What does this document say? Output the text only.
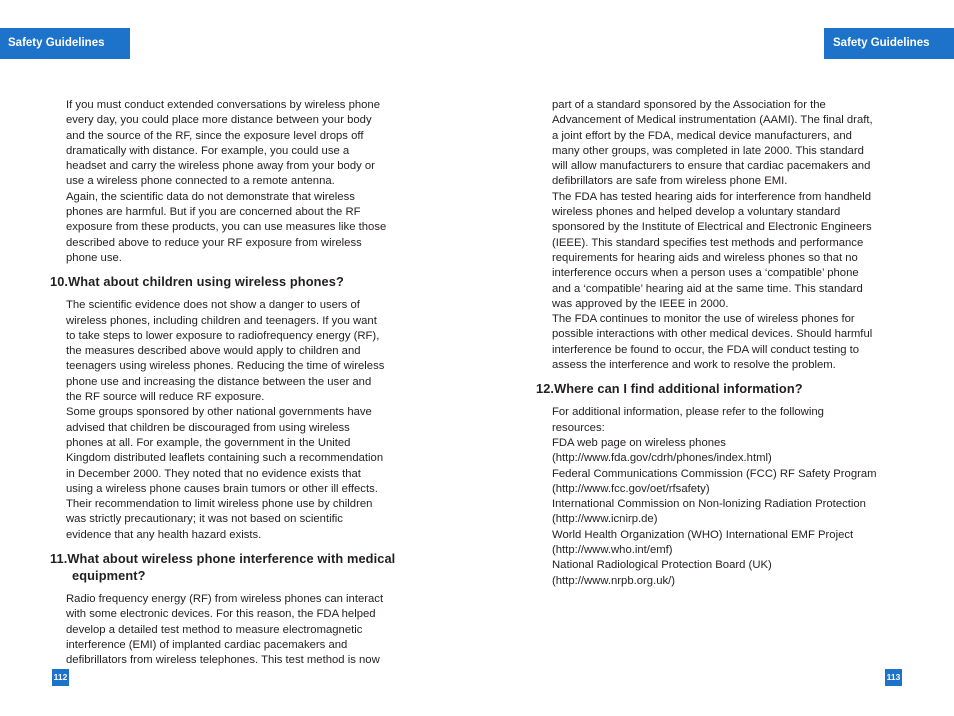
Safety Guidelines

If you must conduct extended conversations by wireless phone
every day, you could place more distance between your body
and the source of the RF, since the exposure level drops off
dramatically with distance. For example, you could use a
headset and carry the wireless phone away from your body or
use a wireless phone connected to a remote antenna.

Again, the scientific data do not demonstrate that wireless
phones are harmful. But if you are concerned about the RF
exposure from these products, you can use measures like those
described above to reduce your RF exposure from wireless
phone use.

10.What about children using wireless phones?

The scientific evidence does not show a danger to users of
wireless phones, including children and teenagers. If you want
to take steps to lower exposure to radiofrequency energy (RF),
the measures described above would apply to children and
teenagers using wireless phones. Reducing the time of wireless
phone use and increasing the distance between the user and
the RF source will reduce RF exposure.

Some groups sponsored by other national governments have
advised that children be discouraged from using wireless
phones at all. For example, the government in the United
Kingdom distributed leaflets containing such a recommendation
in December 2000. They noted that no evidence exists that
using a wireless phone causes brain tumors or other ill effects.
Their recommendation to limit wireless phone use by children
was strictly precautionary; it was not based on scientific
evidence that any health hazard exists.

11.What about wireless phone interference with medical equipment?

Radio frequency energy (RF) from wireless phones can interact
with some electronic devices. For this reason, the FDA helped
develop a detailed test method to measure electromagnetic
interference (EMI) of implanted cardiac pacemakers and
defibrillators from wireless telephones. This test method is now

112
Safety Guidelines

part of a standard sponsored by the Association for the
Advancement of Medical instrumentation (AAMI). The final draft,
a joint effort by the FDA, medical device manufacturers, and
many other groups, was completed in late 2000. This standard
will allow manufacturers to ensure that cardiac pacemakers and
defibrillators are safe from wireless phone EMI.

The FDA has tested hearing aids for interference from handheld
wireless phones and helped develop a voluntary standard
sponsored by the Institute of Electrical and Electronic Engineers
(IEEE). This standard specifies test methods and performance
requirements for hearing aids and wireless phones so that no
interference occurs when a person uses a ‘compatible’ phone
and a ‘compatible’ hearing aid at the same time. This standard
was approved by the IEEE in 2000.

The FDA continues to monitor the use of wireless phones for
possible interactions with other medical devices. Should harmful
interference be found to occur, the FDA will conduct testing to
assess the interference and work to resolve the problem.

12.Where can I find additional information?

For additional information, please refer to the following
resources:

FDA web page on wireless phones

(http://www.fda.gov/cdrh/phones/index.html)

Federal Communications Commission (FCC) RF Safety Program

(http://www.fcc.gov/oet/rfsafety)

International Commission on Non-lonizing Radiation Protection

(http://www.icnirp.de)

World Health Organization (WHO) International EMF Project

(http://www.who.int/emf)

National Radiological Protection Board (UK)

(http://www.nrpb.org.uk/)

113
